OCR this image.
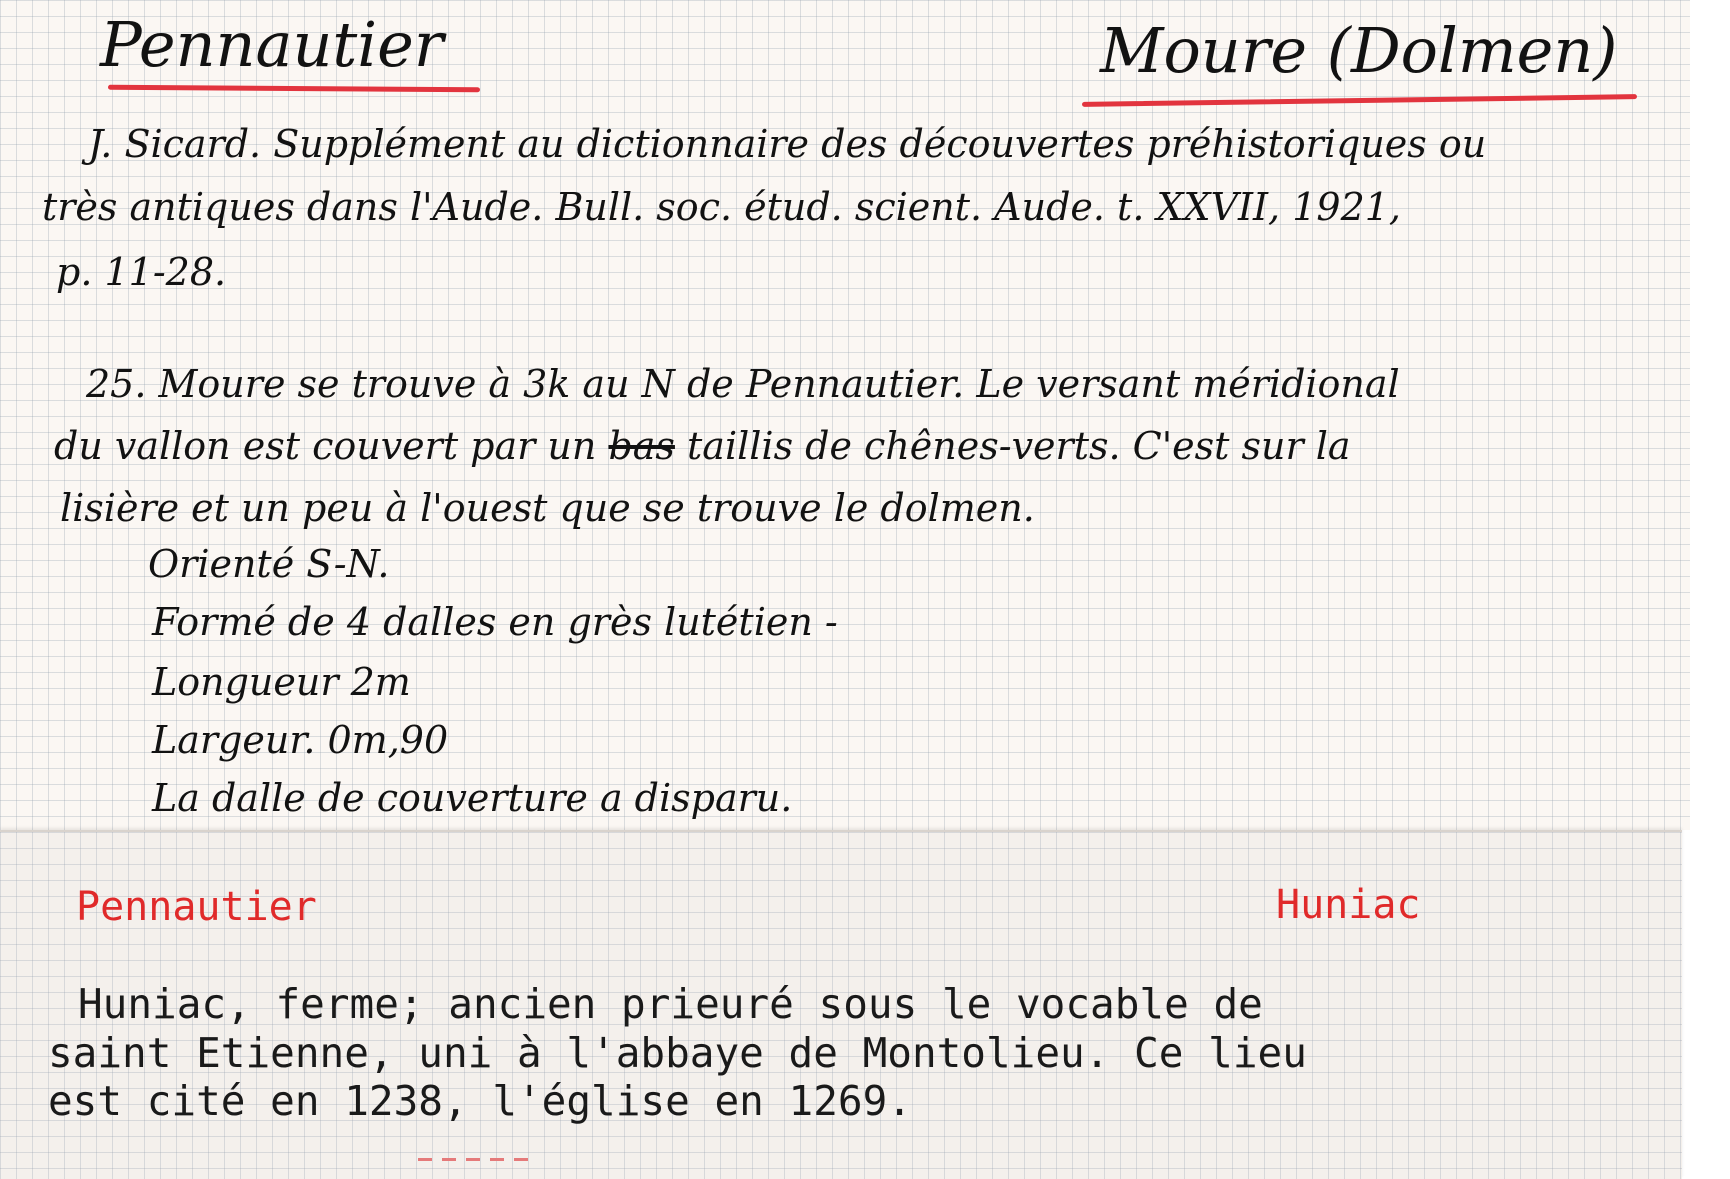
Pennautier	Moure (Dolmen)
J. Sicard. Supplément au dictionnaire des découvertes préhistoriques ou
très antiques dans l'Aude. Bull. soc. étud. scient. Aude. t. XXVII, 1921,
p. 11-28.
25. Moure se trouve à 3k au N de Pennautier. Le versant méridional
du vallon est couvert par un bas taillis de chênes-verts. C'est sur la
lisière et un peu à l'ouest que se trouve le dolmen.
Orienté S-N.
Formé de 4 dalles en grès lutétien -
Longueur 2m
Largeur. 0m,90
La dalle de couverture a disparu.
Pennautier	Huniac
Huniac, ferme; ancien prieuré sous le vocable de
saint Etienne, uni à l'abbaye de Montolieu. Ce lieu
est cité en 1238, l'église en 1269.
